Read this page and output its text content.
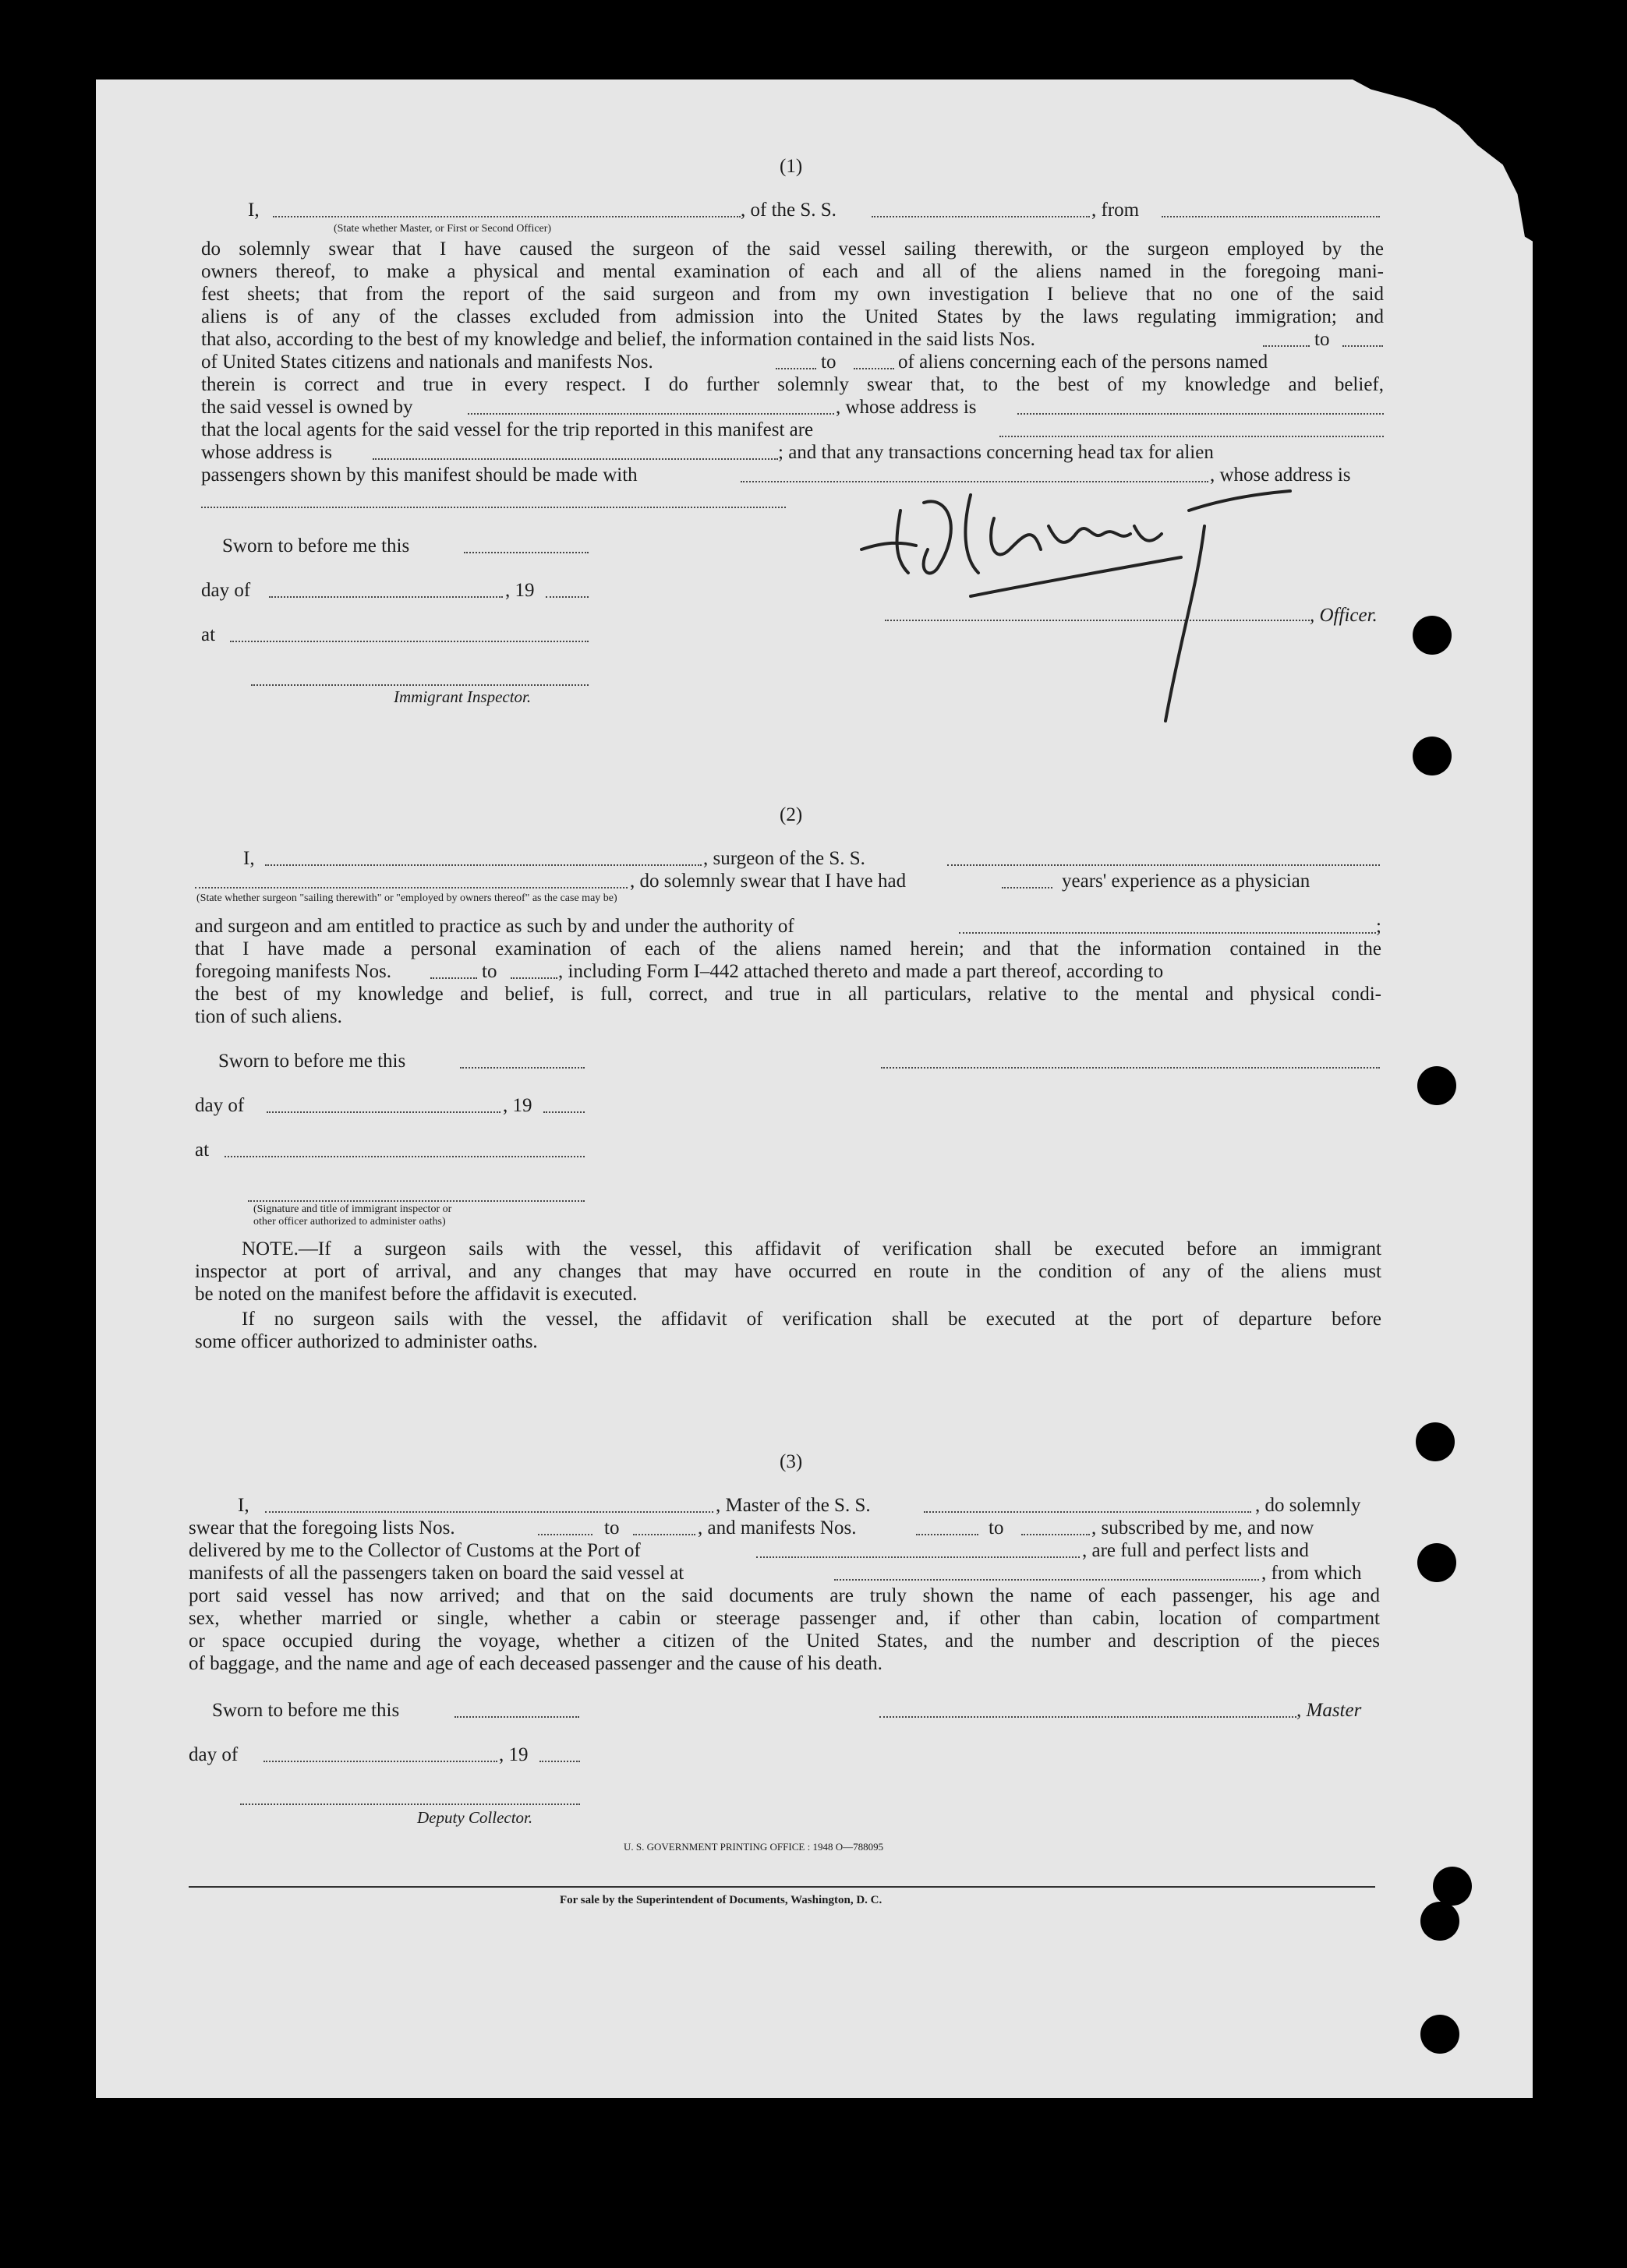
(1)
I,	, of the S. S.	, from
(State whether Master, or First or Second Officer)
do solemnly swear that I have caused the surgeon of the said vessel sailing therewith, or the surgeon employed by the
owners thereof, to make a physical and mental examination of each and all of the aliens named in the foregoing mani-
fest sheets; that from the report of the said surgeon and from my own investigation I believe that no one of the said
aliens is of any of the classes excluded from admission into the United States by the laws regulating immigration; and
that also, according to the best of my knowledge and belief, the information contained in the said lists Nos.	to
of United States citizens and nationals and manifests Nos.	to	of aliens concerning each of the persons named
therein is correct and true in every respect. I do further solemnly swear that, to the best of my knowledge and belief,
the said vessel is owned by	, whose address is
that the local agents for the said vessel for the trip reported in this manifest are
whose address is	; and that any transactions concerning head tax for alien
passengers shown by this manifest should be made with	, whose address is
Sworn to before me this
day of	, 19
at
Immigrant Inspector.
, Officer.
(2)
I,	, surgeon of the S. S.
, do solemnly swear that I have had	years' experience as a physician
(State whether surgeon "sailing therewith" or "employed by owners thereof" as the case may be)
and surgeon and am entitled to practice as such by and under the authority of	;
that I have made a personal examination of each of the aliens named herein; and that the information contained in the
foregoing manifests Nos.	to	, including Form I–442 attached thereto and made a part thereof, according to
the best of my knowledge and belief, is full, correct, and true in all particulars, relative to the mental and physical condi-
tion of such aliens.
Sworn to before me this
day of	, 19
at
(Signature and title of immigrant inspector or
other officer authorized to administer oaths)
NOTE.—If a surgeon sails with the vessel, this affidavit of verification shall be executed before an immigrant
inspector at port of arrival, and any changes that may have occurred en route in the condition of any of the aliens must
be noted on the manifest before the affidavit is executed.
If no surgeon sails with the vessel, the affidavit of verification shall be executed at the port of departure before
some officer authorized to administer oaths.
(3)
I,	, Master of the S. S.	, do solemnly
swear that the foregoing lists Nos.	to	, and manifests Nos.	to	, subscribed by me, and now
delivered by me to the Collector of Customs at the Port of	, are full and perfect lists and
manifests of all the passengers taken on board the said vessel at	, from which
port said vessel has now arrived; and that on the said documents are truly shown the name of each passenger, his age and
sex, whether married or single, whether a cabin or steerage passenger and, if other than cabin, location of compartment
or space occupied during the voyage, whether a citizen of the United States, and the number and description of the pieces
of baggage, and the name and age of each deceased passenger and the cause of his death.
Sworn to before me this	, Master
day of	, 19
Deputy Collector.
U. S. GOVERNMENT PRINTING OFFICE : 1948 O—788095
For sale by the Superintendent of Documents, Washington, D. C.
